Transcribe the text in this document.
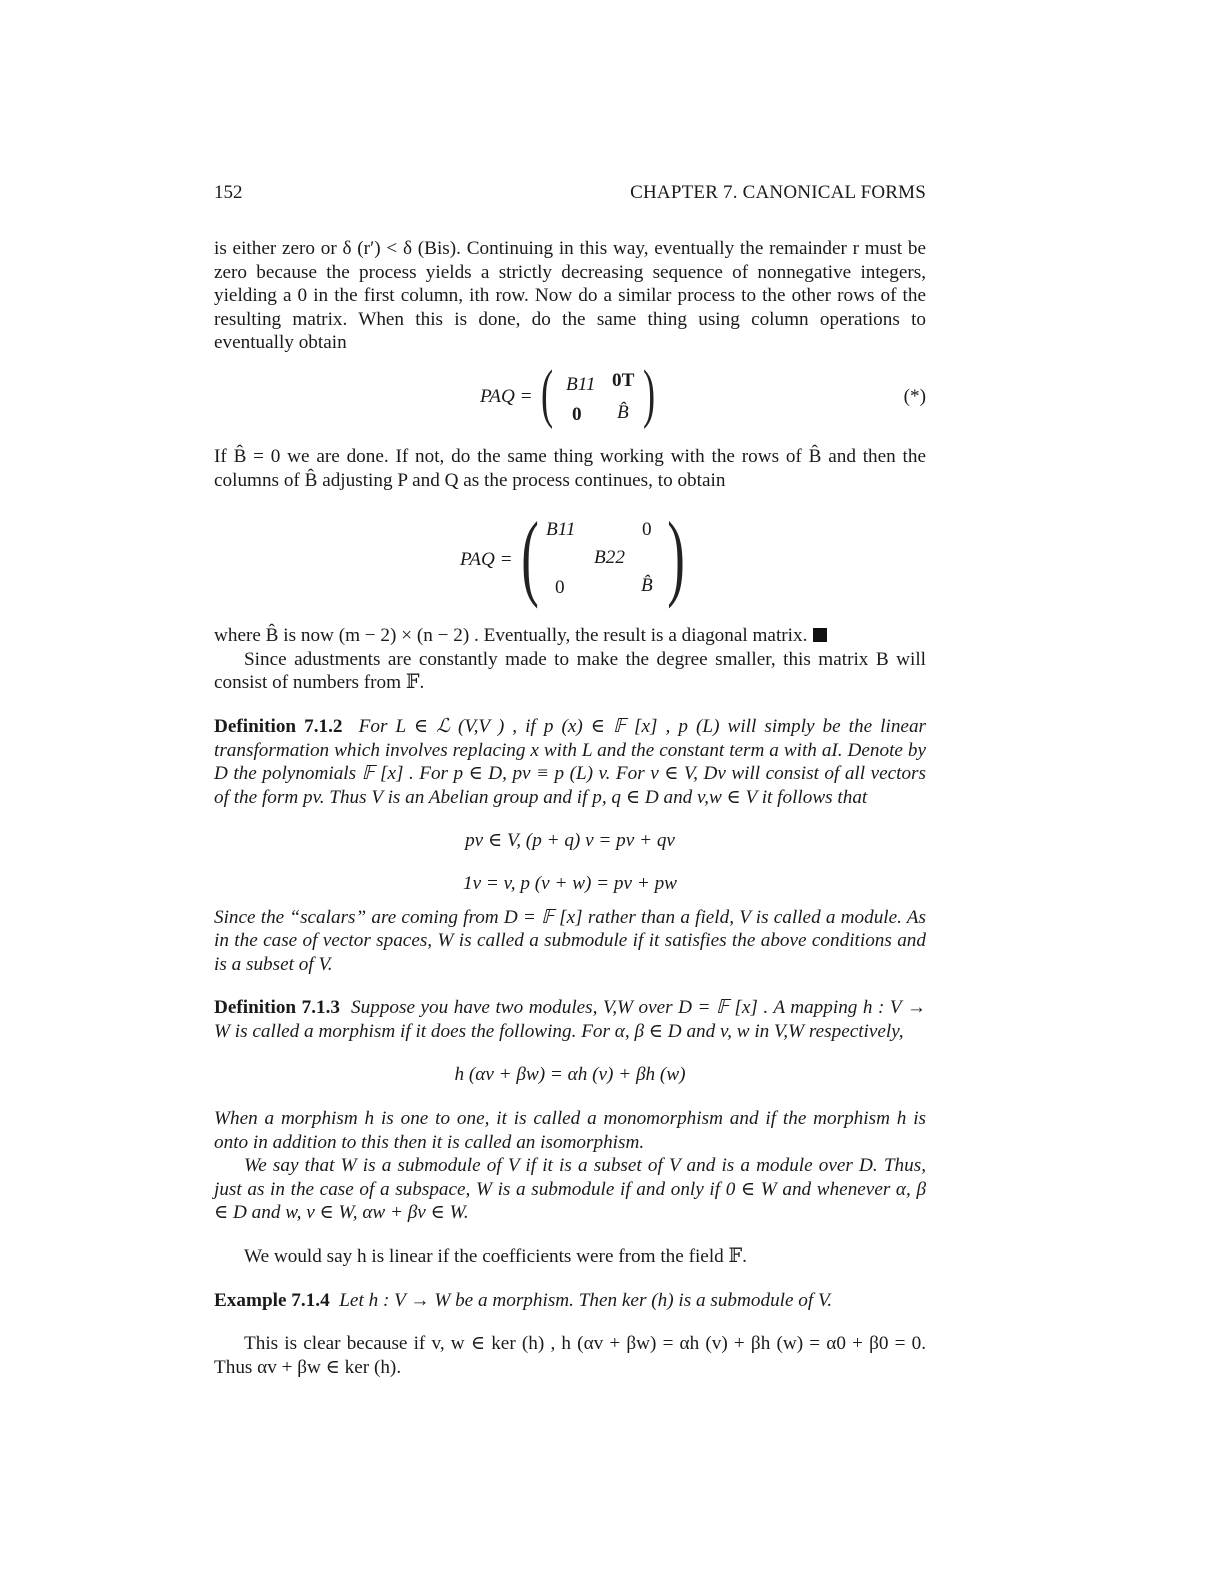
152	CHAPTER 7. CANONICAL FORMS

is either zero or δ (r′) < δ (Bis). Continuing in this way, eventually the remainder r must be zero because the process yields a strictly decreasing sequence of nonnegative integers, yielding a 0 in the first column, ith row. Now do a similar process to the other rows of the resulting matrix. When this is done, do the same thing using column operations to eventually obtain

PAQ = ( B11 0T
0 B̂ )	(*)

If B̂ = 0 we are done. If not, do the same thing working with the rows of B̂ and then the columns of B̂ adjusting P and Q as the process continues, to obtain

PAQ = ( B11	0
B22
0	B̂ )

where B̂ is now (m − 2) × (n − 2) . Eventually, the result is a diagonal matrix.

Since adustments are constantly made to make the degree smaller, this matrix B will consist of numbers from 𝔽.

Definition 7.1.2 For L ∈ ℒ (V,V ) , if p (x) ∈ 𝔽 [x] , p (L) will simply be the linear transformation which involves replacing x with L and the constant term a with aI. Denote by D the polynomials 𝔽 [x] . For p ∈ D, pv ≡ p (L) v. For v ∈ V, Dv will consist of all vectors of the form pv. Thus V is an Abelian group and if p, q ∈ D and v,w ∈ V it follows that

pv ∈ V, (p + q) v = pv + qv

1v = v, p (v + w) = pv + pw

Since the “scalars” are coming from D = 𝔽 [x] rather than a field, V is called a module. As in the case of vector spaces, W is called a submodule if it satisfies the above conditions and is a subset of V.

Definition 7.1.3 Suppose you have two modules, V,W over D = 𝔽 [x] . A mapping h : V → W is called a morphism if it does the following. For α, β ∈ D and v, w in V,W respectively,

h (αv + βw) = αh (v) + βh (w)

When a morphism h is one to one, it is called a monomorphism and if the morphism h is onto in addition to this then it is called an isomorphism.

We say that W is a submodule of V if it is a subset of V and is a module over D. Thus, just as in the case of a subspace, W is a submodule if and only if 0 ∈ W and whenever α, β ∈ D and w, v ∈ W, αw + βv ∈ W.

We would say h is linear if the coefficients were from the field 𝔽.

Example 7.1.4 Let h : V → W be a morphism. Then ker (h) is a submodule of V.

This is clear because if v, w ∈ ker (h) , h (αv + βw) = αh (v) + βh (w) = α0 + β0 = 0. Thus αv + βw ∈ ker (h).
